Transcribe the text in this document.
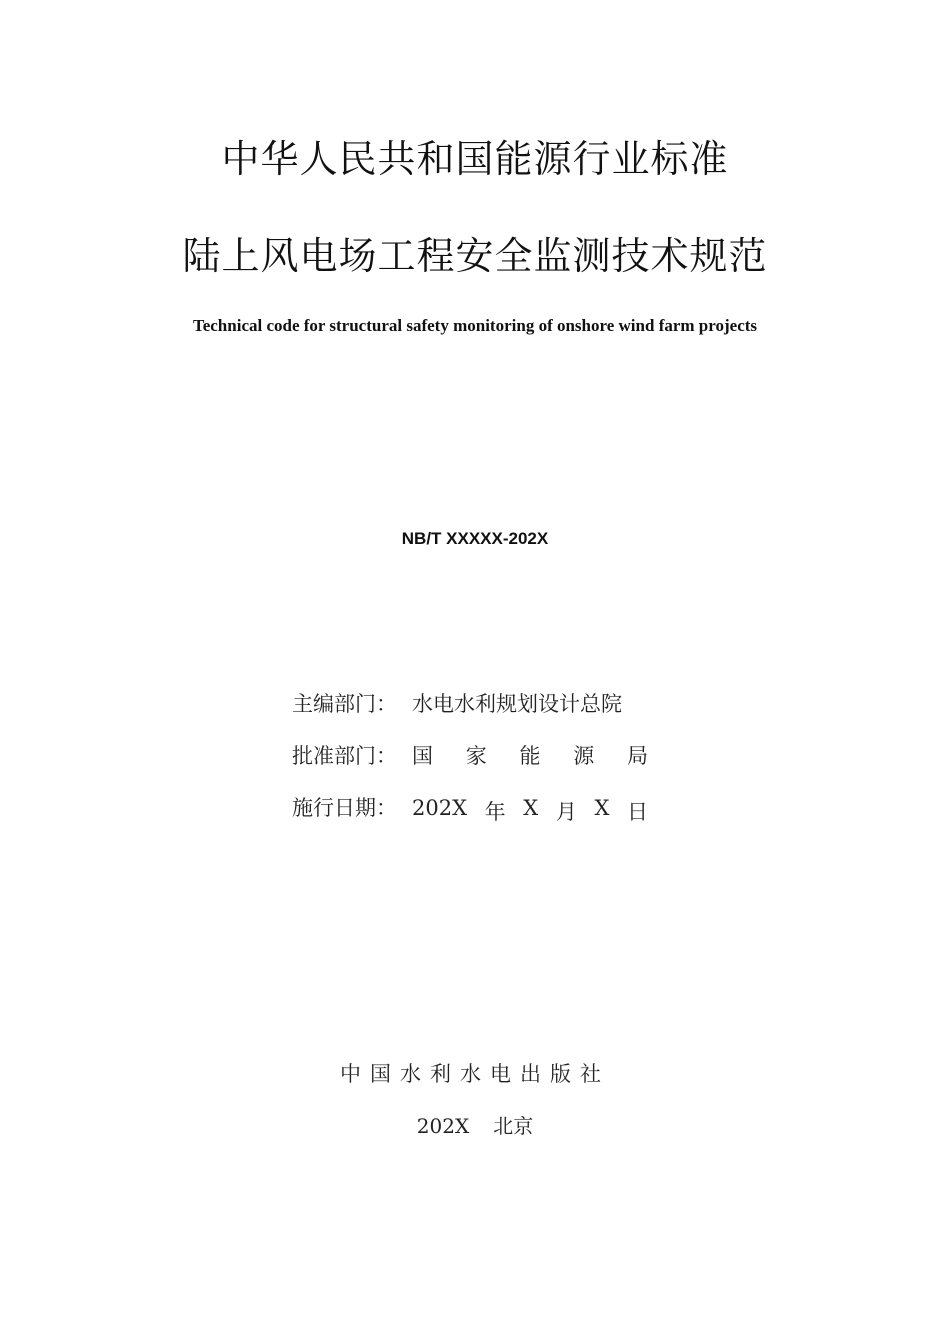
中华人民共和国能源行业标准
陆上风电场工程安全监测技术规范
Technical code for structural safety monitoring of onshore wind farm projects
NB/T XXXXX-202X
主编部门： 水电水利规划设计总院
批准部门： 国 家 能 源 局
施行日期： 202X 年 X 月 X 日
中国水利水电出版社
202X 北京
